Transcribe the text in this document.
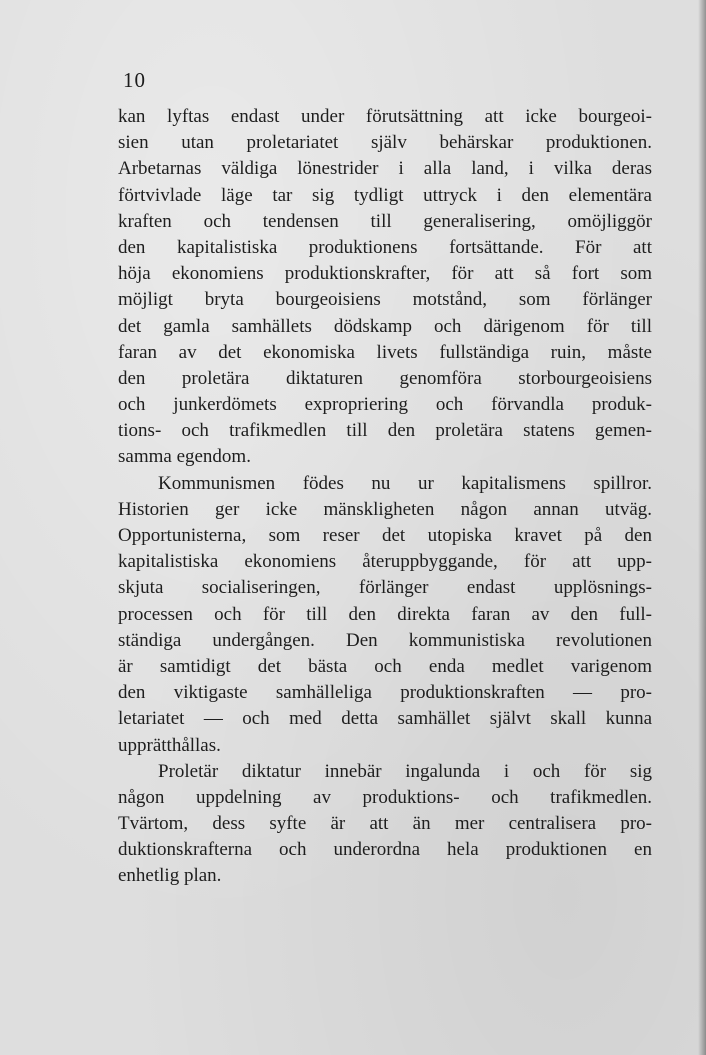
10

kan lyftas endast under förutsättning att icke bourgeoi-
sien utan proletariatet själv behärskar produktionen.
Arbetarnas väldiga lönestrider i alla land, i vilka deras
förtvivlade läge tar sig tydligt uttryck i den elementära
kraften och tendensen till generalisering, omöjliggör
den kapitalistiska produktionens fortsättande. För att
höja ekonomiens produktionskrafter, för att så fort som
möjligt bryta bourgeoisiens motstånd, som förlänger
det gamla samhällets dödskamp och därigenom för till
faran av det ekonomiska livets fullständiga ruin, måste
den proletära diktaturen genomföra storbourgeoisiens
och junkerdömets expropriering och förvandla produk-
tions- och trafikmedlen till den proletära statens gemen-
samma egendom.

Kommunismen födes nu ur kapitalismens spillror.
Historien ger icke mänskligheten någon annan utväg.
Opportunisterna, som reser det utopiska kravet på den
kapitalistiska ekonomiens återuppbyggande, för att upp-
skjuta socialiseringen, förlänger endast upplösnings-
processen och för till den direkta faran av den full-
ständiga undergången. Den kommunistiska revolutionen
är samtidigt det bästa och enda medlet varigenom
den viktigaste samhälleliga produktionskraften — pro-
letariatet — och med detta samhället självt skall kunna
upprätthållas.

Proletär diktatur innebär ingalunda i och för sig
någon uppdelning av produktions- och trafikmedlen.
Tvärtom, dess syfte är att än mer centralisera pro-
duktionskrafterna och underordna hela produktionen en
enhetlig plan.
